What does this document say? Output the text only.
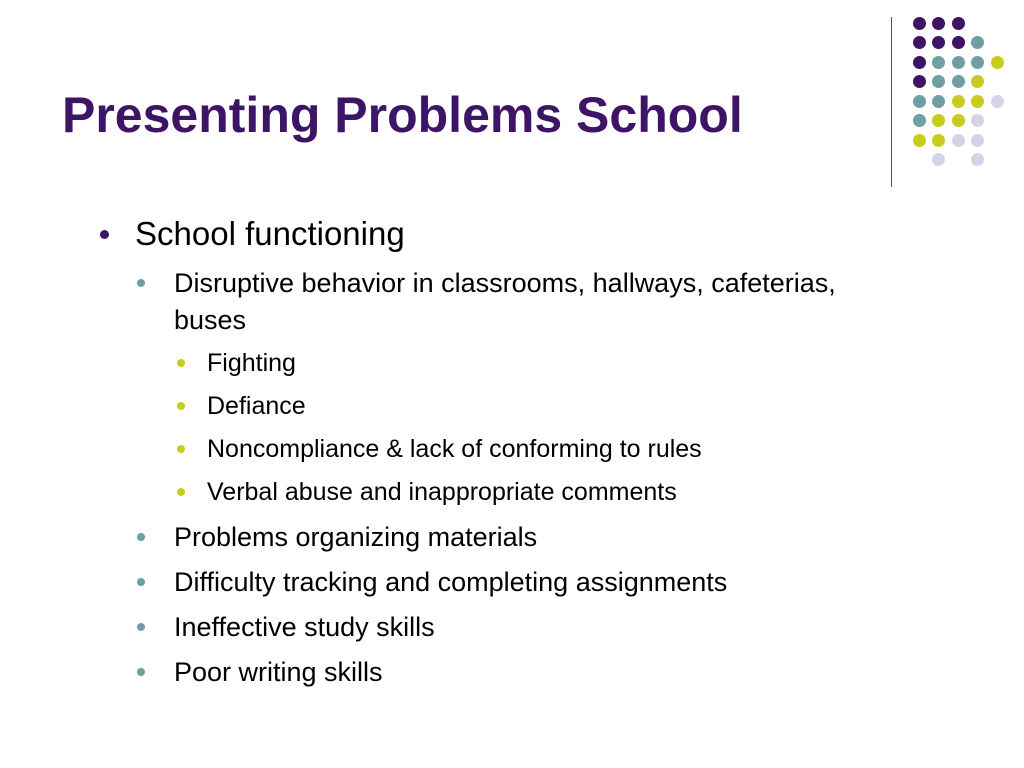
Presenting Problems School

School functioning

Disruptive behavior in classrooms, hallways, cafeterias,

buses

Fighting

Defiance

Noncompliance & lack of conforming to rules

Verbal abuse and inappropriate comments

Problems organizing materials

Difficulty tracking and completing assignments

Ineffective study skills

Poor writing skills
